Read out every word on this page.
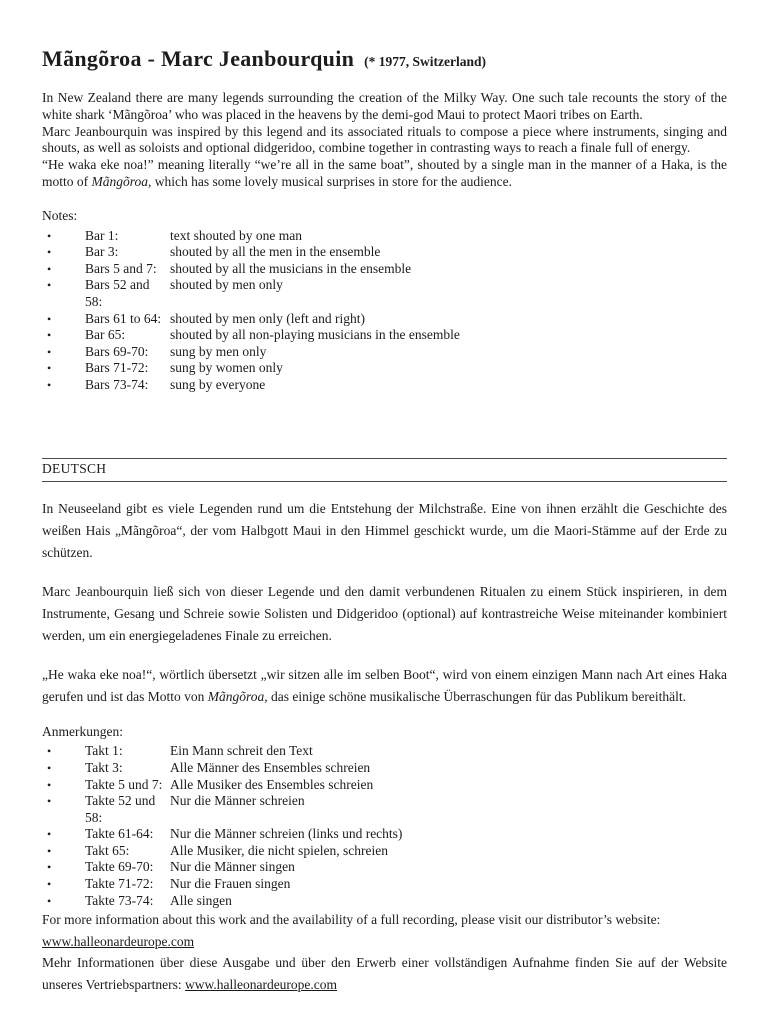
Mãngõroa - Marc Jeanbourquin (* 1977, Switzerland)

In New Zealand there are many legends surrounding the creation of the Milky Way. One such tale recounts the story of the white shark ‘Mãngõroa’ who was placed in the heavens by the demi-god Maui to protect Maori tribes on Earth.

Marc Jeanbourquin was inspired by this legend and its associated rituals to compose a piece where instruments, singing and shouts, as well as soloists and optional didgeridoo, combine together in contrasting ways to reach a finale full of energy.

“He waka eke noa!” meaning literally “we’re all in the same boat”, shouted by a single man in the manner of a Haka, is the motto of Mãngõroa, which has some lovely musical surprises in store for the audience.

Notes:

•	Bar 1:	text shouted by one man
•	Bar 3:	shouted by all the men in the ensemble
•	Bars 5 and 7: shouted by all the musicians in the ensemble
•	Bars 52 and 58:
shouted by men only
•	Bars 61 to 64: shouted by men only (left and right)
•	Bar 65:	shouted by all non-playing musicians in the ensemble
•	Bars 69-70:	sung by men only
•	Bars 71-72:	sung by women only
•	Bars 73-74:	sung by everyone
DEUTSCH

In Neuseeland gibt es viele Legenden rund um die Entstehung der Milchstraße. Eine von ihnen erzählt die Geschichte des weißen Hais „Mãngõroa“, der vom Halbgott Maui in den Himmel geschickt wurde, um die Maori-Stämme auf der Erde zu schützen.

Marc Jeanbourquin ließ sich von dieser Legende und den damit verbundenen Ritualen zu einem Stück inspirieren, in dem Instrumente, Gesang und Schreie sowie Solisten und Didgeridoo (optional) auf kontrastreiche Weise miteinander kombiniert werden, um ein energiegeladenes Finale zu erreichen.

„He waka eke noa!“, wörtlich übersetzt „wir sitzen alle im selben Boot“, wird von einem einzigen Mann nach Art eines Haka gerufen und ist das Motto von Mãngõroa, das einige schöne musikalische Überraschungen für das Publikum bereithält.

Anmerkungen:

•	Takt 1:	Ein Mann schreit den Text
•	Takt 3:	Alle Männer des Ensembles schreien
•	Takte 5 und 7: Alle Musiker des Ensembles schreien
•	Takte 52 und 58:
Nur die Männer schreien
•	Takte 61-64:	Nur die Männer schreien (links und rechts)
•	Takt 65:	Alle Musiker, die nicht spielen, schreien
•	Takte 69-70:	Nur die Männer singen
•	Takte 71-72:	Nur die Frauen singen
•	Takte 73-74:	Alle singen

For more information about this work and the availability of a full recording, please visit our distributor’s website: www.halleonardeurope.com

Mehr Informationen über diese Ausgabe und über den Erwerb einer vollständigen Aufnahme finden Sie auf der Website unseres Vertriebspartners: www.halleonardeurope.com
